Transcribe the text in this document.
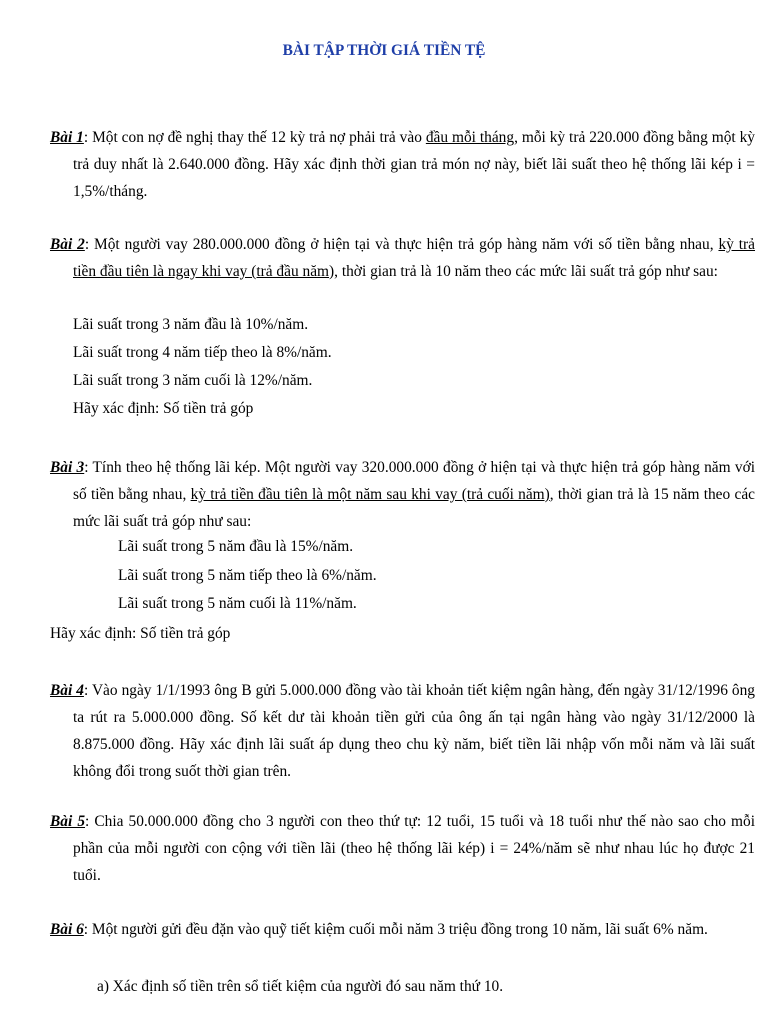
BÀI TẬP THỜI GIÁ TIỀN TỆ
Bài 1: Một con nợ đề nghị thay thế 12 kỳ trả nợ phải trả vào đầu mỗi tháng, mỗi kỳ trả 220.000 đồng bằng một kỳ trả duy nhất là 2.640.000 đồng. Hãy xác định thời gian trả món nợ này, biết lãi suất theo hệ thống lãi kép i = 1,5%/tháng.
Bài 2: Một người vay 280.000.000 đồng ở hiện tại và thực hiện trả góp hàng năm với số tiền bằng nhau, kỳ trả tiền đầu tiên là ngay khi vay (trả đầu năm), thời gian trả là 10 năm theo các mức lãi suất trả góp như sau:
Lãi suất trong 3 năm đầu là 10%/năm.
Lãi suất trong 4 năm tiếp theo là 8%/năm.
Lãi suất trong 3 năm cuối là 12%/năm.
Hãy xác định: Số tiền trả góp
Bài 3: Tính theo hệ thống lãi kép. Một người vay 320.000.000 đồng ở hiện tại và thực hiện trả góp hàng năm với số tiền bằng nhau, kỳ trả tiền đầu tiên là một năm sau khi vay (trả cuối năm), thời gian trả là 15 năm theo các mức lãi suất trả góp như sau:
Lãi suất trong 5 năm đầu là 15%/năm.
Lãi suất trong 5 năm tiếp theo là 6%/năm.
Lãi suất trong 5 năm cuối là 11%/năm.
Hãy xác định: Số tiền trả góp
Bài 4: Vào ngày 1/1/1993 ông B gửi 5.000.000 đồng vào tài khoản tiết kiệm ngân hàng, đến ngày 31/12/1996 ông ta rút ra 5.000.000 đồng. Số kết dư tài khoản tiền gửi của ông ấn tại ngân hàng vào ngày 31/12/2000 là 8.875.000 đồng. Hãy xác định lãi suất áp dụng theo chu kỳ năm, biết tiền lãi nhập vốn mỗi năm và lãi suất không đổi trong suốt thời gian trên.
Bài 5: Chia 50.000.000 đồng cho 3 người con theo thứ tự: 12 tuổi, 15 tuổi và 18 tuổi như thế nào sao cho mỗi phần của mỗi người con cộng với tiền lãi (theo hệ thống lãi kép) i = 24%/năm sẽ như nhau lúc họ được 21 tuổi.
Bài 6: Một người gửi đều đặn vào quỹ tiết kiệm cuối mỗi năm 3 triệu đồng trong 10 năm, lãi suất 6% năm.
a) Xác định số tiền trên sổ tiết kiệm của người đó sau năm thứ 10.
